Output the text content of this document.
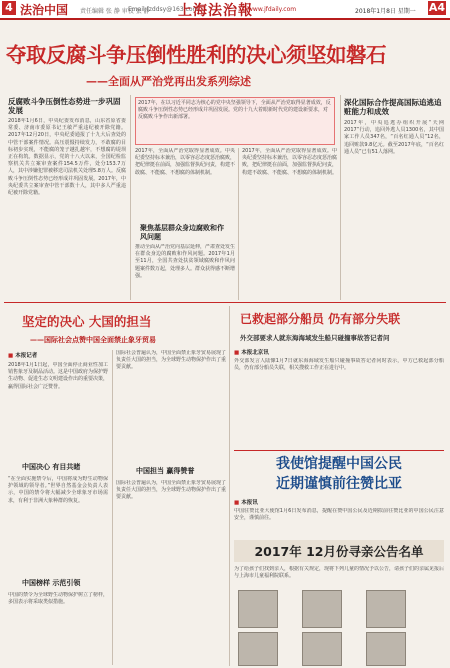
4 法治中国 责任编辑 张 静 审校 张 静
Email:fzddsy@163.com
上海法治報
www.jfdaily.com	2018年1月8日 星期一 A4
夺取反腐斗争压倒性胜利的决心须坚如磐石
——全面从严治党再出发系列综述
2017年，在以习近平同志为核心的党中央坚强领导下，全面从严治党取得显著成效，反腐败斗争压倒性态势已经形成并巩固发展。党的十九大着眼新时代党的建设新要求，对反腐败斗争作出新部署。
反腐败斗争压倒性态势进一步巩固发展
2018年1月6日，中央纪委发布消息，山东省原省委常委、济南市委原书记王敏严重违纪被开除党籍。2017年12月20日，中央纪委通报了十九大后查处的中管干部案件情况。高压震慑持续发力，不敢腐的目标初步实现，不能腐的笼子越扎越牢，不想腐的堤坝正在构筑。数据显示，党的十八大以来，全国纪检监察机关共立案审查案件154.5万件，处分153.7万人，其中涉嫌犯罪被移送司法机关处理5.8万人。反腐败斗争压倒性态势已经形成并巩固发展。2017年，中央纪委共立案审查中管干部数十人，其中多人严重违纪被开除党籍。
2017年，全面从严治党取得显著成效。中央纪委坚持标本兼治，以零容忍态度惩治腐败，把纪律挺在前面，加强监督执纪问责，构建不敢腐、不能腐、不想腐的体制机制。
聚焦基层群众身边腐败和作风问题
推动全面从严治党向基层延伸，严肃查处发生在群众身边的腐败和作风问题。2017年1月至11月，全国共查处扶贫领域腐败和作风问题案件数万起，处理多人。群众获得感不断增强。
2017年，全面从严治党取得显著成效。中央纪委坚持标本兼治，以零容忍态度惩治腐败，把纪律挺在前面，加强监督执纪问责，构建不敢腐、不能腐、不想腐的体制机制。
深化国际合作提高国际追逃追赃能力和成效
2017年，中央追逃办组织开展“天网2017”行动，追回外逃人员1300名，其中国家工作人员347名，“百名红通人员”12名，追回赃款9.8亿元。截至2017年底，“百名红通人员”已有51人落网。
坚定的决心 大国的担当
——国际社会点赞中国全面禁止象牙贸易
■ 本报记者
2018年1月1日起，中国全面停止商业性加工销售象牙及制品活动。这是中国政府为保护野生动物、促进生态文明建设作出的重要决策，赢得国际社会广泛赞誉。
中国决心 有目共睹
“在全面实施禁令后，中国将成为野生动物保护领域的领导者。”世界自然基金会负责人表示，中国的禁令将大幅减少全球象牙市场需求，有利于非洲大象种群的恢复。
中国榜样 示范引领
中国的禁令为全球野生动物保护树立了榜样，多国表示将采取类似措施。
国际社会普遍认为，中国全面禁止象牙贸易展现了负责任大国的担当，为全球野生动物保护作出了重要贡献。
中国担当 赢得赞誉
国际社会普遍认为，中国全面禁止象牙贸易展现了负责任大国的担当，为全球野生动物保护作出了重要贡献。
已救起部分船员 仍有部分失联
外交部要求人就东海海域发生船只碰撞事故答记者问
■ 本报北京讯
外交部发言人陆慷1月7日就东海海域发生船只碰撞事故答记者问时表示，中方已救起部分船员，仍有部分船员失联，相关搜救工作正在进行中。
我使馆提醒中国公民
近期谨慎前往赞比亚
■ 本报讯
中国驻赞比亚大使馆1月6日发布消息，提醒在赞中国公民及近期拟前往赞比亚的中国公民注意安全，谨慎前往。
2017年 12月份寻亲公告名单
为了给孩子们找到亲人，根据有关规定，现将下列儿童的情况予以公告，请孩子们的亲属见报后与上海市儿童福利院联系。
